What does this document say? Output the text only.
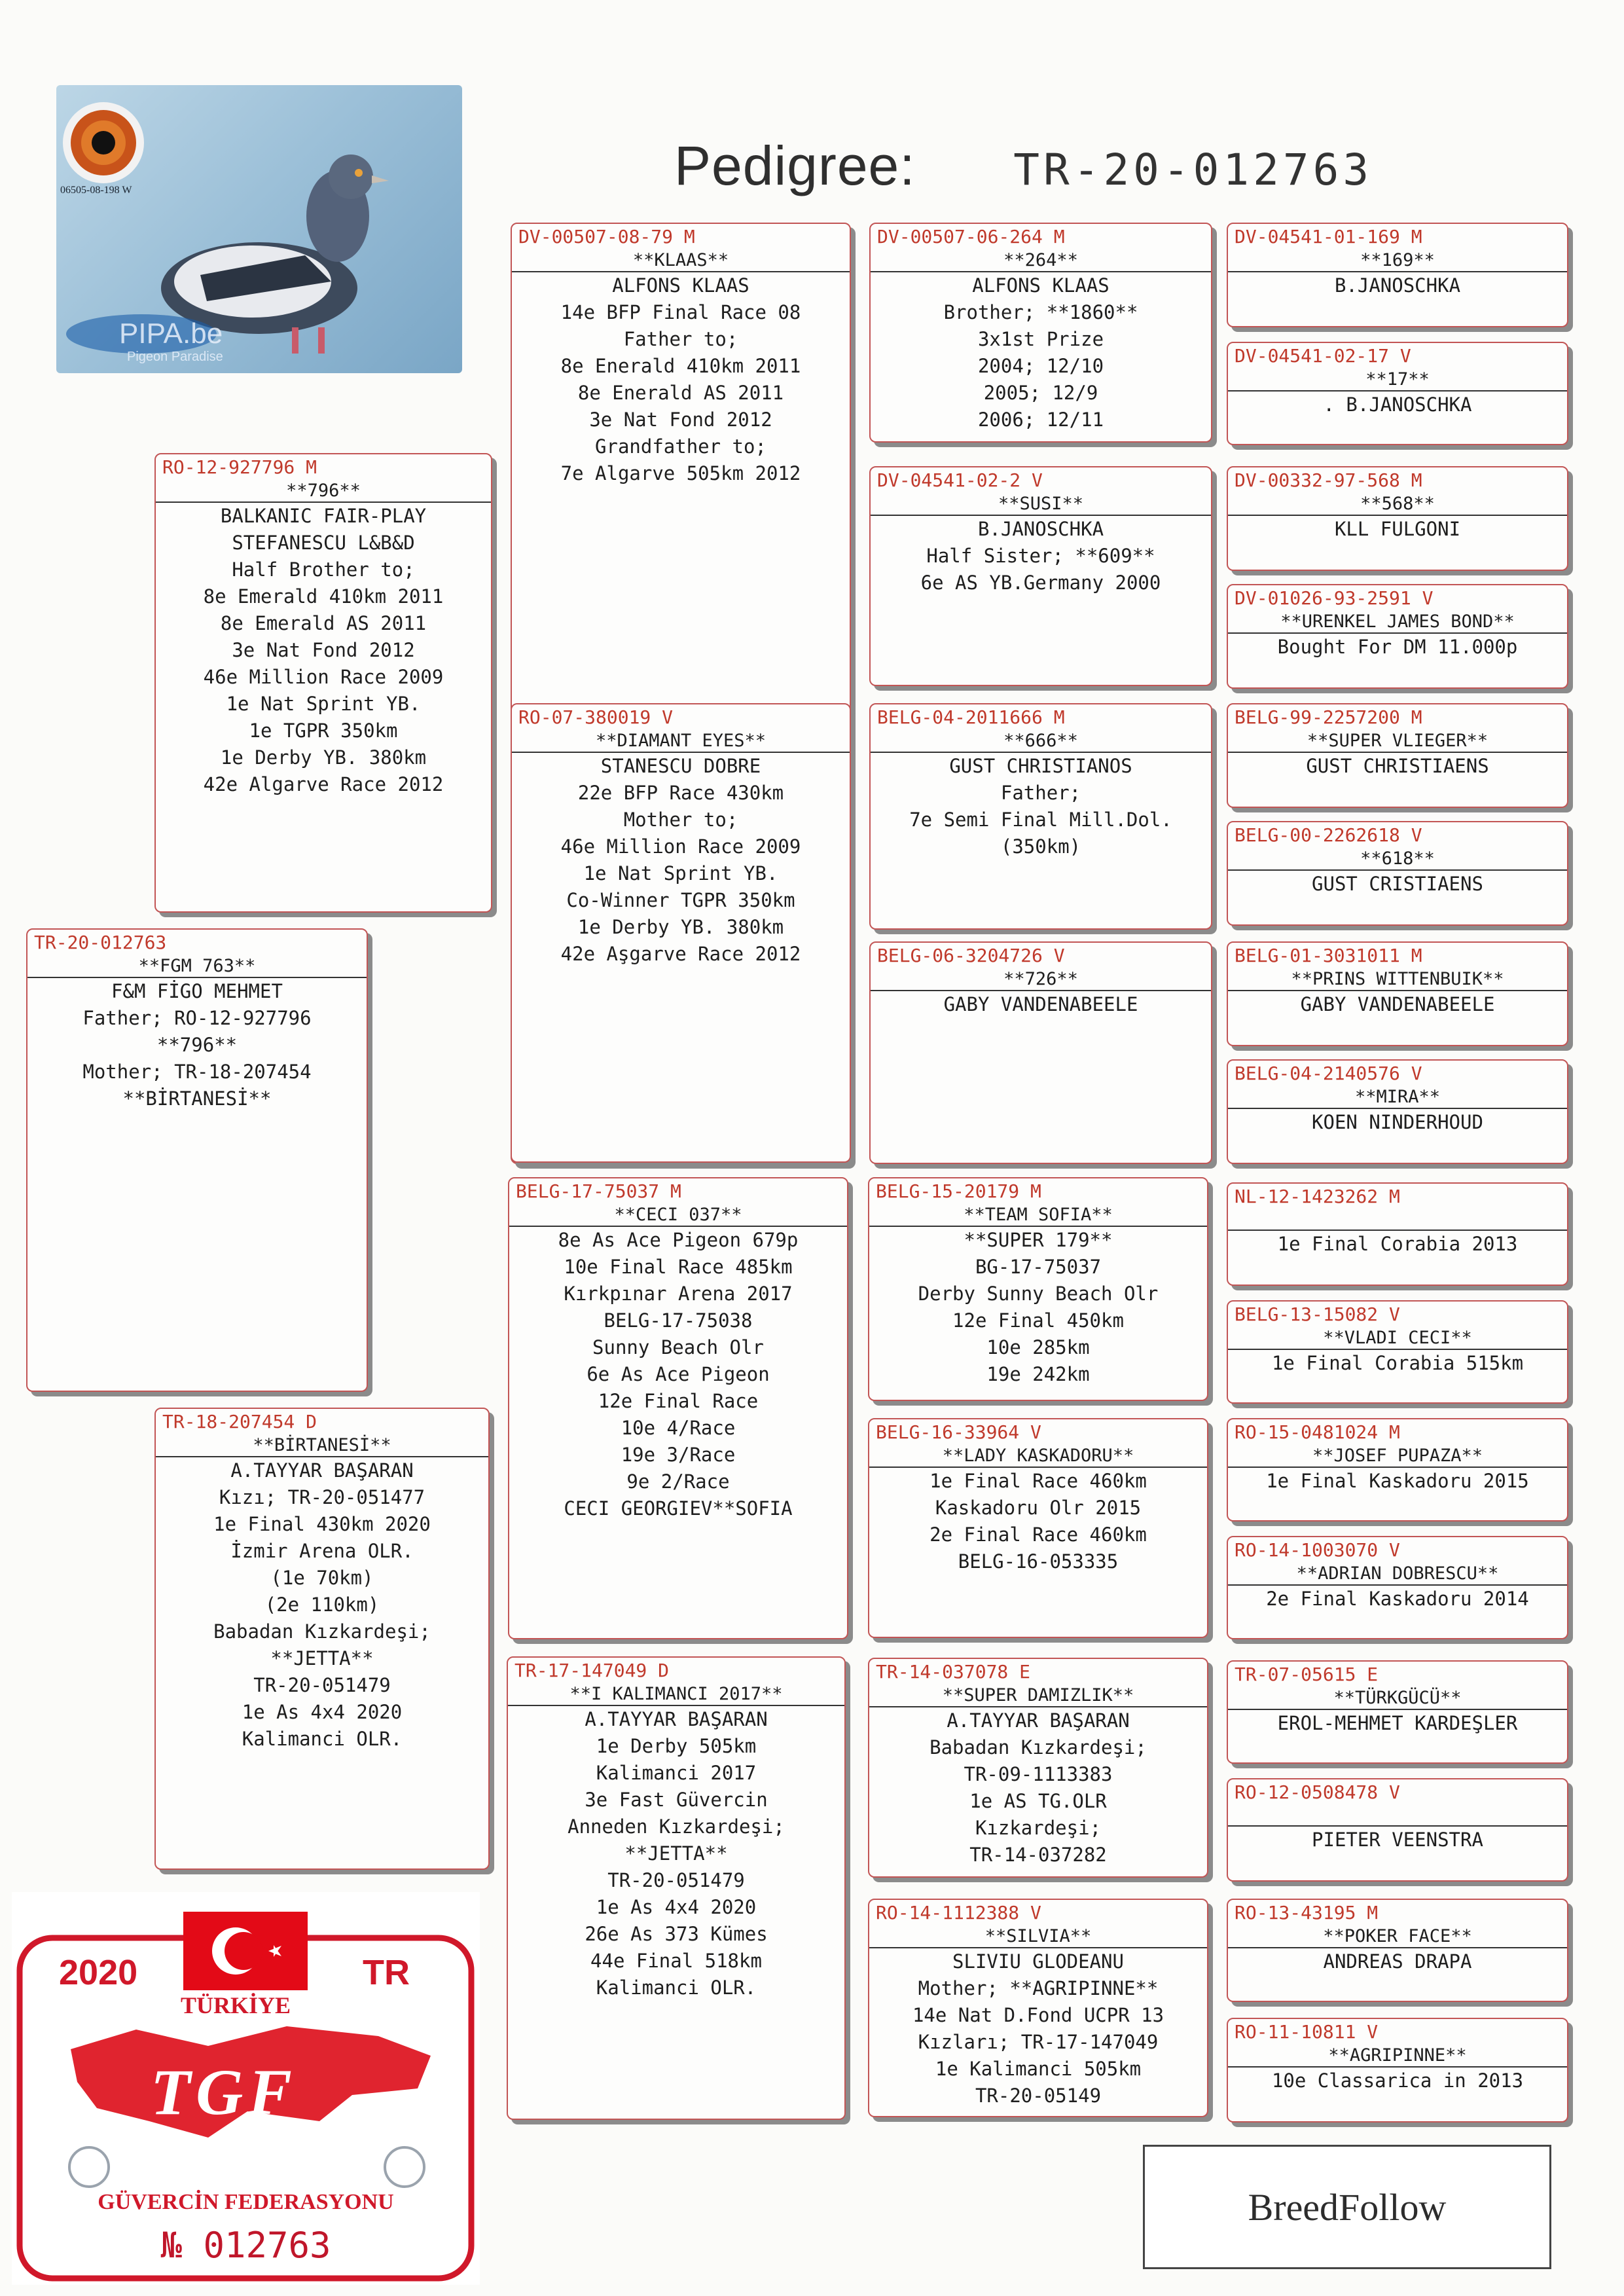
Pedigree: TR-20-012763
06505-08-198 W
PIPA.be
Pigeon Paradise
TR-20-012763
**FGM 763**
F&M FİGO MEHMET
Father; RO-12-927796
**796**
Mother; TR-18-207454
**BİRTANESİ**
RO-12-927796 M
**796**
BALKANIC FAIR-PLAY
STEFANESCU L&B&D
Half Brother to;
8e Emerald 410km 2011
8e Emerald AS 2011
3e Nat Fond 2012
46e Million Race 2009
1e Nat Sprint YB.
1e TGPR 350km
1e Derby YB. 380km
42e Algarve Race 2012
TR-18-207454 D
**BİRTANESİ**
A.TAYYAR BAŞARAN
Kızı; TR-20-051477
1e Final 430km 2020
İzmir Arena OLR.
(1e 70km)
(2e 110km)
Babadan Kızkardeşi;
**JETTA**
TR-20-051479
1e As 4x4 2020
Kalimanci OLR.
DV-00507-08-79 M
**KLAAS**
ALFONS KLAAS
14e BFP Final Race 08
Father to;
8e Enerald 410km 2011
8e Enerald AS 2011
3e Nat Fond 2012
Grandfather to;
7e Algarve 505km 2012
RO-07-380019 V
**DIAMANT EYES**
STANESCU DOBRE
22e BFP Race 430km
Mother to;
46e Million Race 2009
1e Nat Sprint YB.
Co-Winner TGPR 350km
1e Derby YB. 380km
42e Aşgarve Race 2012
BELG-17-75037 M
**CECI 037**
8e As Ace Pigeon 679p
10e Final Race 485km
Kırkpınar Arena 2017
BELG-17-75038
Sunny Beach Olr
6e As Ace Pigeon
12e Final Race
10e 4/Race
19e 3/Race
9e 2/Race
CECI GEORGIEV**SOFIA
TR-17-147049 D
**I KALIMANCI 2017**
A.TAYYAR BAŞARAN
1e Derby 505km
Kalimanci 2017
3e Fast Güvercin
Anneden Kızkardeşi;
**JETTA**
TR-20-051479
1e As 4x4 2020
26e As 373 Kümes
44e Final 518km
Kalimanci OLR.
DV-00507-06-264 M
**264**
ALFONS KLAAS
Brother; **1860**
3x1st Prize
2004; 12/10
2005; 12/9
2006; 12/11
DV-04541-02-2 V
**SUSI**
B.JANOSCHKA
Half Sister; **609**
6e AS YB.Germany 2000
BELG-04-2011666 M
**666**
GUST CHRISTIANOS
Father;
7e Semi Final Mill.Dol.
(350km)
BELG-06-3204726 V
**726**
GABY VANDENABEELE
BELG-15-20179 M
**TEAM SOFIA**
**SUPER 179**
BG-17-75037
Derby Sunny Beach Olr
12e Final 450km
10e 285km
19e 242km
BELG-16-33964 V
**LADY KASKADORU**
1e Final Race 460km
Kaskadoru Olr 2015
2e Final Race 460km
BELG-16-053335
TR-14-037078 E
**SUPER DAMIZLIK**
A.TAYYAR BAŞARAN
Babadan Kızkardeşi;
TR-09-1113383
1e AS TG.OLR
Kızkardeşi;
TR-14-037282
RO-14-1112388 V
**SILVIA**
SLIVIU GLODEANU
Mother; **AGRIPINNE**
14e Nat D.Fond UCPR 13
Kızları; TR-17-147049
1e Kalimanci 505km
TR-20-05149
DV-04541-01-169 M
**169**
B.JANOSCHKA
DV-04541-02-17 V
**17**
. B.JANOSCHKA
DV-00332-97-568 M
**568**
KLL FULGONI
DV-01026-93-2591 V
**URENKEL JAMES BOND**
Bought For DM 11.000p
BELG-99-2257200 M
**SUPER VLIEGER**
GUST CHRISTIAENS
BELG-00-2262618 V
**618**
GUST CRISTIAENS
BELG-01-3031011 M
**PRINS WITTENBUIK**
GABY VANDENABEELE
BELG-04-2140576 V
**MIRA**
KOEN NINDERHOUD
NL-12-1423262 M
1e Final Corabia 2013
BELG-13-15082 V
**VLADI CECI**
1e Final Corabia 515km
RO-15-0481024 M
**JOSEF PUPAZA**
1e Final Kaskadoru 2015
RO-14-1003070 V
**ADRIAN DOBRESCU**
2e Final Kaskadoru 2014
TR-07-05615 E
**TÜRKGÜCÜ**
EROL-MEHMET KARDEŞLER
RO-12-0508478 V
PIETER VEENSTRA
RO-13-43195 M
**POKER FACE**
ANDREAS DRAPA
RO-11-10811 V
**AGRIPINNE**
10e Classarica in 2013
2020	TR
TÜRKİYE
TGF
GÜVERCİN FEDERASYONU
№ 012763
BreedFollow
